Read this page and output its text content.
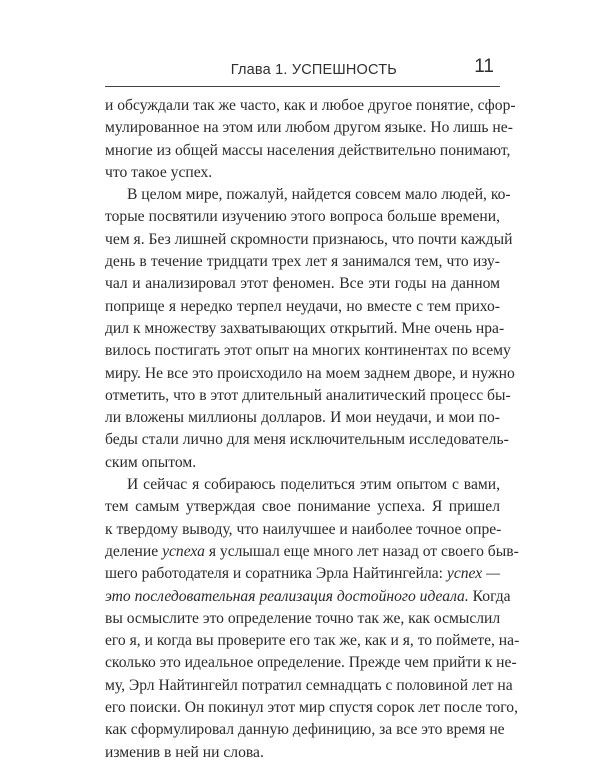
Глава 1. УСПЕШНОСТЬ	11
и обсуждали так же часто, как и любое другое понятие, сфор-
мулированное на этом или любом другом языке. Но лишь не-
многие из общей массы населения действительно понимают,
что такое успех.
В целом мире, пожалуй, найдется совсем мало людей, ко-
торые посвятили изучению этого вопроса больше времени,
чем я. Без лишней скромности признаюсь, что почти каждый
день в течение тридцати трех лет я занимался тем, что изу-
чал и анализировал этот феномен. Все эти годы на данном
поприще я нередко терпел неудачи, но вместе с тем прихо-
дил к множеству захватывающих открытий. Мне очень нра-
вилось постигать этот опыт на многих континентах по всему
миру. Не все это происходило на моем заднем дворе, и нужно
отметить, что в этот длительный аналитический процесс бы-
ли вложены миллионы долларов. И мои неудачи, и мои по-
беды стали лично для меня исключительным исследователь-
ским опытом.
И сейчас я собираюсь поделиться этим опытом с вами,
тем самым утверждая свое понимание успеха. Я пришел
к твердому выводу, что наилучшее и наиболее точное опре-
деление успеха я услышал еще много лет назад от своего быв-
шего работодателя и соратника Эрла Найтингейла: успех —
это последовательная реализация достойного идеала. Когда
вы осмыслите это определение точно так же, как осмыслил
его я, и когда вы проверите его так же, как и я, то поймете, на-
сколько это идеальное определение. Прежде чем прийти к не-
му, Эрл Найтингейл потратил семнадцать с половиной лет на
его поиски. Он покинул этот мир спустя сорок лет после того,
как сформулировал данную дефиницию, за все это время не
изменив в ней ни слова.
